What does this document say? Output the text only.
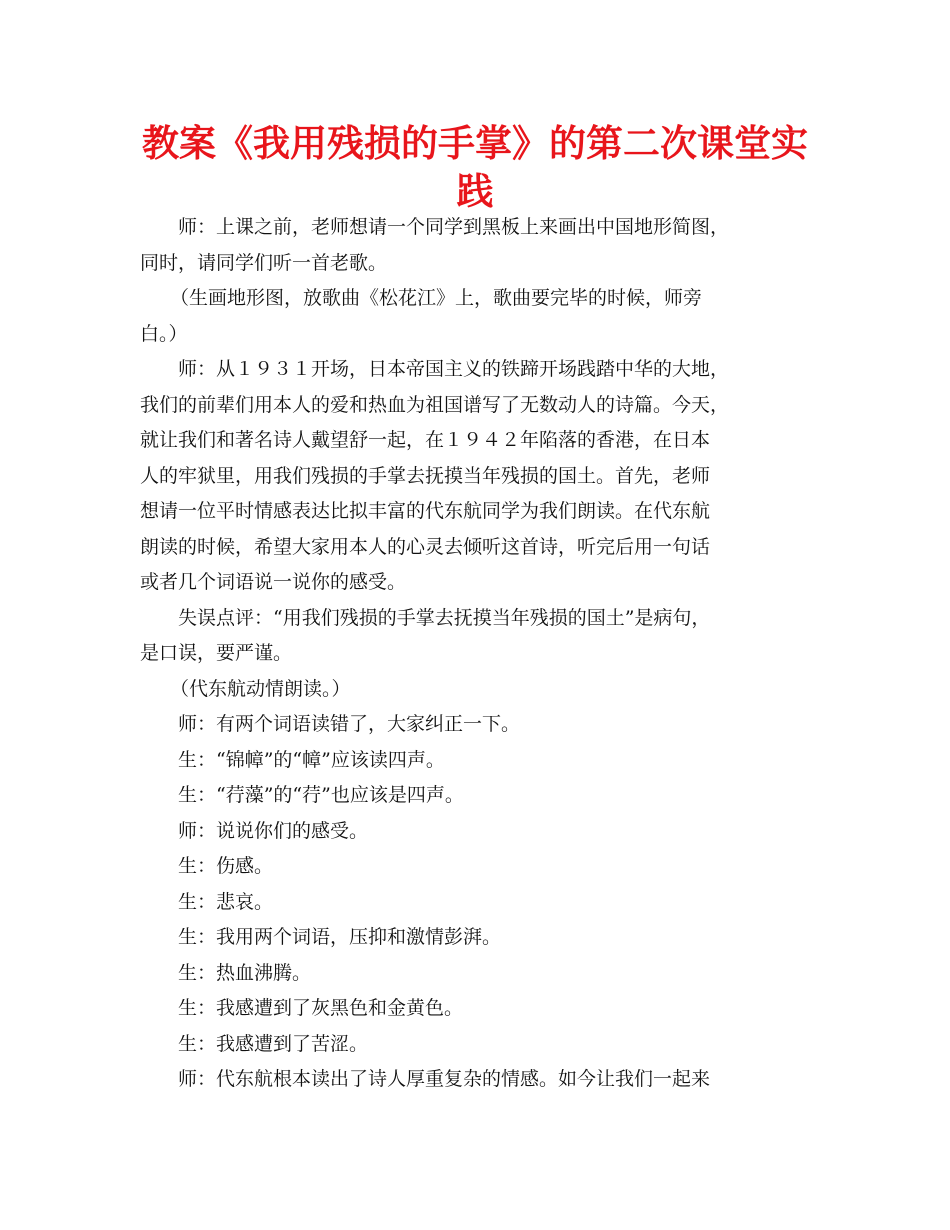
教案《我用残损的手掌》的第二次课堂实践
师：上课之前，老师想请一个同学到黑板上来画出中国地形简图，
同时，请同学们听一首老歌。
（生画地形图，放歌曲《松花江》上，歌曲要完毕的时候，师旁
白。）
师：从１９３１开场，日本帝国主义的铁蹄开场践踏中华的大地，
我们的前辈们用本人的爱和热血为祖国谱写了无数动人的诗篇。今天，
就让我们和著名诗人戴望舒一起，在１９４２年陷落的香港，在日本
人的牢狱里，用我们残损的手掌去抚摸当年残损的国土。首先，老师
想请一位平时情感表达比拟丰富的代东航同学为我们朗读。在代东航
朗读的时候，希望大家用本人的心灵去倾听这首诗，听完后用一句话
或者几个词语说一说你的感受。
失误点评：“用我们残损的手掌去抚摸当年残损的国土”是病句，
是口误，要严谨。
（代东航动情朗读。）
师：有两个词语读错了，大家纠正一下。
生：“锦幛”的“幛”应该读四声。
生：“荇藻”的“荇”也应该是四声。
师：说说你们的感受。
生：伤感。
生：悲哀。
生：我用两个词语，压抑和激情彭湃。
生：热血沸腾。
生：我感遭到了灰黑色和金黄色。
生：我感遭到了苦涩。
师：代东航根本读出了诗人厚重复杂的情感。如今让我们一起来
